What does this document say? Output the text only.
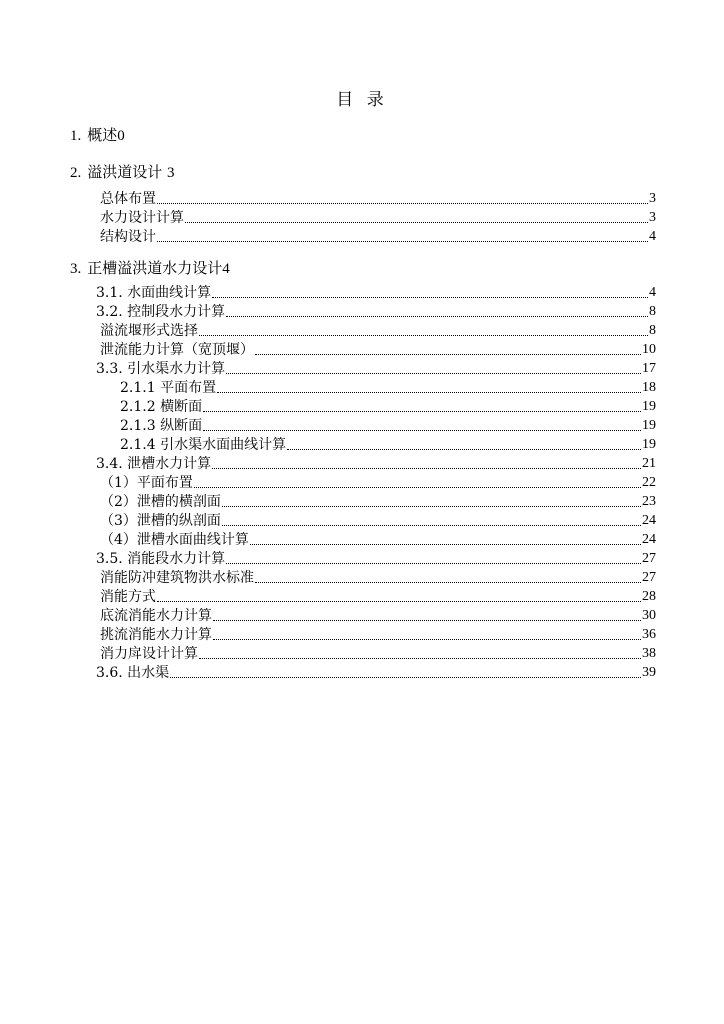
目 录
1. 概述0
2. 溢洪道设计 3
总体布置	3
水力设计计算	3
结构设计	4
3. 正槽溢洪道水力设计4
3.1. 水面曲线计算	4
3.2. 控制段水力计算	8
溢流堰形式选择	8
泄流能力计算（宽顶堰）	10
3.3. 引水渠水力计算	17
2.1.1 平面布置	18
2.1.2 横断面	19
2.1.3 纵断面	19
2.1.4 引水渠水面曲线计算	19
3.4. 泄槽水力计算	21
（1）平面布置	22
（2）泄槽的横剖面	23
（3）泄槽的纵剖面	24
（4）泄槽水面曲线计算	24
3.5. 消能段水力计算	27
消能防冲建筑物洪水标准	27
消能方式	28
底流消能水力计算	30
挑流消能水力计算	36
消力戽设计计算	38
3.6. 出水渠	39
